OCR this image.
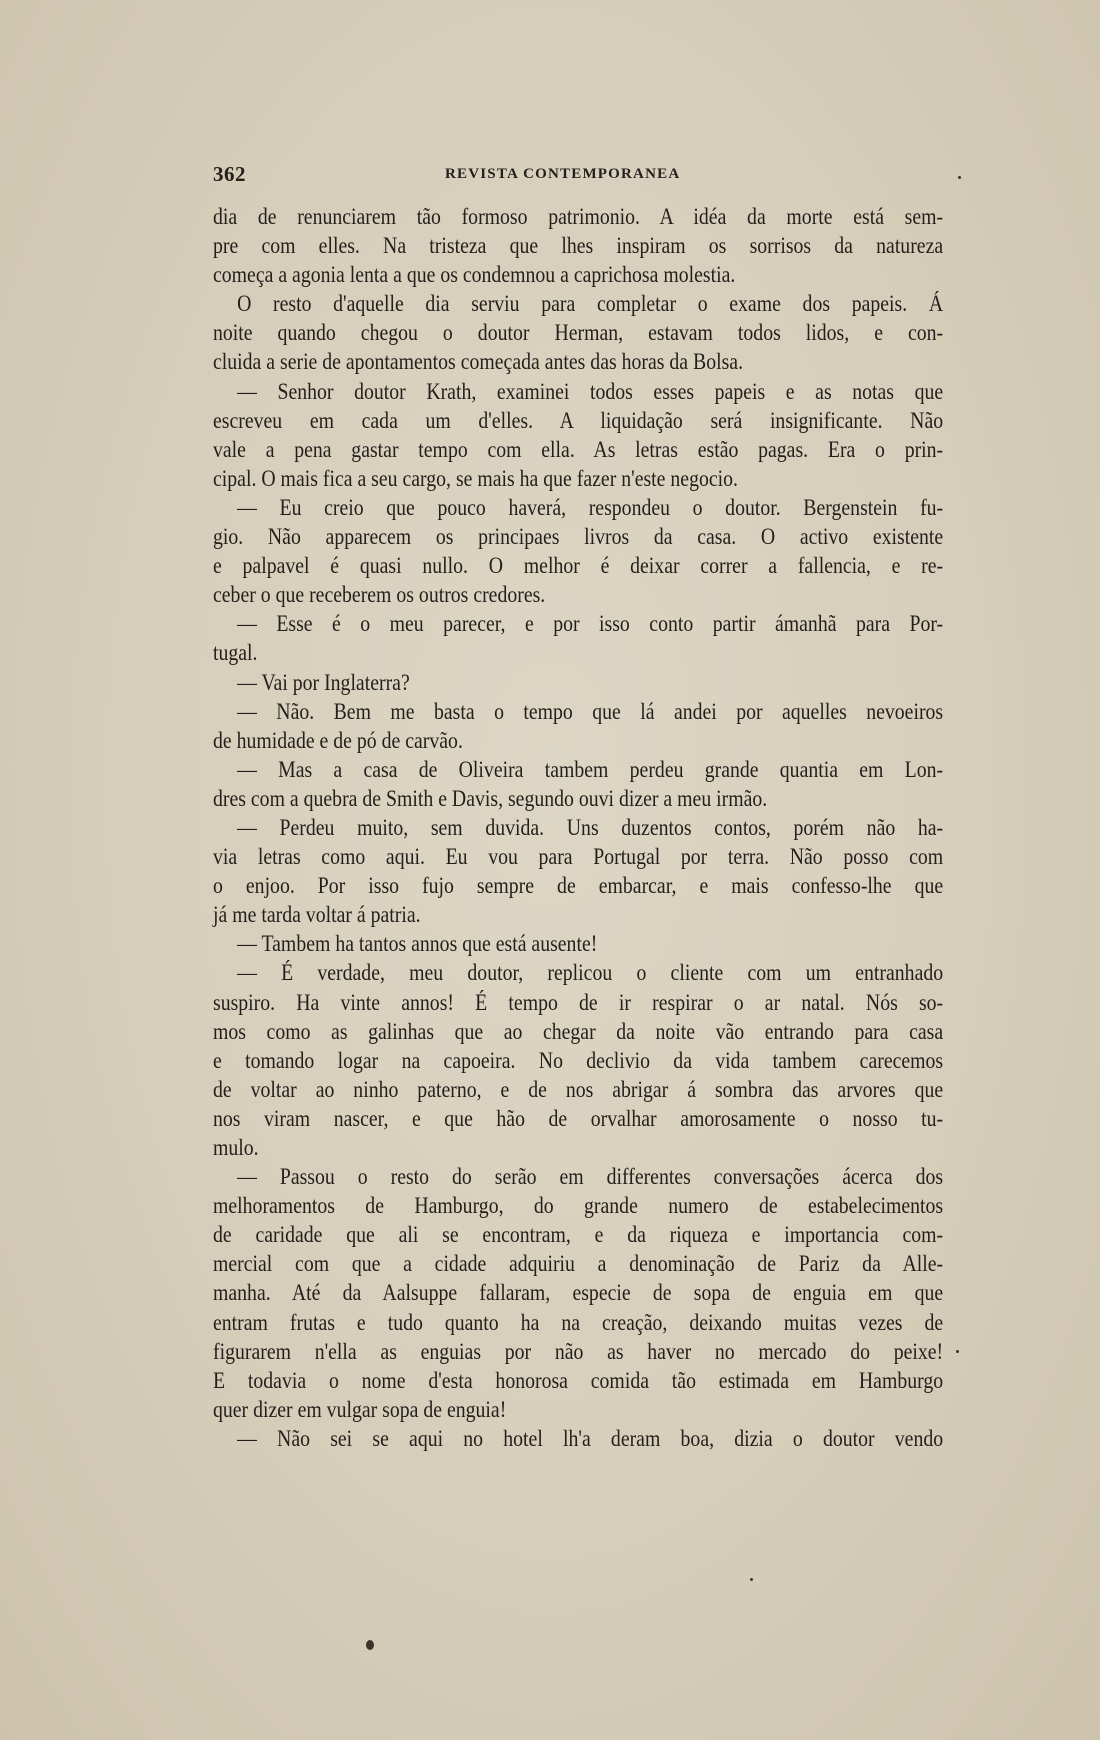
362	REVISTA CONTEMPORANEA
dia de renunciarem tão formoso patrimonio. A idéa da morte está sem-
pre com elles. Na tristeza que lhes inspiram os sorrisos da natureza
começa a agonia lenta a que os condemnou a caprichosa molestia.
O resto d'aquelle dia serviu para completar o exame dos papeis. Á
noite quando chegou o doutor Herman, estavam todos lidos, e con-
cluida a serie de apontamentos começada antes das horas da Bolsa.
— Senhor doutor Krath, examinei todos esses papeis e as notas que
escreveu em cada um d'elles. A liquidação será insignificante. Não
vale a pena gastar tempo com ella. As letras estão pagas. Era o prin-
cipal. O mais fica a seu cargo, se mais ha que fazer n'este negocio.
— Eu creio que pouco haverá, respondeu o doutor. Bergenstein fu-
gio. Não apparecem os principaes livros da casa. O activo existente
e palpavel é quasi nullo. O melhor é deixar correr a fallencia, e re-
ceber o que receberem os outros credores.
— Esse é o meu parecer, e por isso conto partir ámanhã para Por-
tugal.
— Vai por Inglaterra?
— Não. Bem me basta o tempo que lá andei por aquelles nevoeiros
de humidade e de pó de carvão.
— Mas a casa de Oliveira tambem perdeu grande quantia em Lon-
dres com a quebra de Smith e Davis, segundo ouvi dizer a meu irmão.
— Perdeu muito, sem duvida. Uns duzentos contos, porém não ha-
via letras como aqui. Eu vou para Portugal por terra. Não posso com
o enjoo. Por isso fujo sempre de embarcar, e mais confesso-lhe que
já me tarda voltar á patria.
— Tambem ha tantos annos que está ausente!
— É verdade, meu doutor, replicou o cliente com um entranhado
suspiro. Ha vinte annos! É tempo de ir respirar o ar natal. Nós so-
mos como as galinhas que ao chegar da noite vão entrando para casa
e tomando logar na capoeira. No declivio da vida tambem carecemos
de voltar ao ninho paterno, e de nos abrigar á sombra das arvores que
nos viram nascer, e que hão de orvalhar amorosamente o nosso tu-
mulo.
— Passou o resto do serão em differentes conversações ácerca dos
melhoramentos de Hamburgo, do grande numero de estabelecimentos
de caridade que ali se encontram, e da riqueza e importancia com-
mercial com que a cidade adquiriu a denominação de Pariz da Alle-
manha. Até da Aalsuppe fallaram, especie de sopa de enguia em que
entram frutas e tudo quanto ha na creação, deixando muitas vezes de
figurarem n'ella as enguias por não as haver no mercado do peixe!
E todavia o nome d'esta honorosa comida tão estimada em Hamburgo
quer dizer em vulgar sopa de enguia!
— Não sei se aqui no hotel lh'a deram boa, dizia o doutor vendo
